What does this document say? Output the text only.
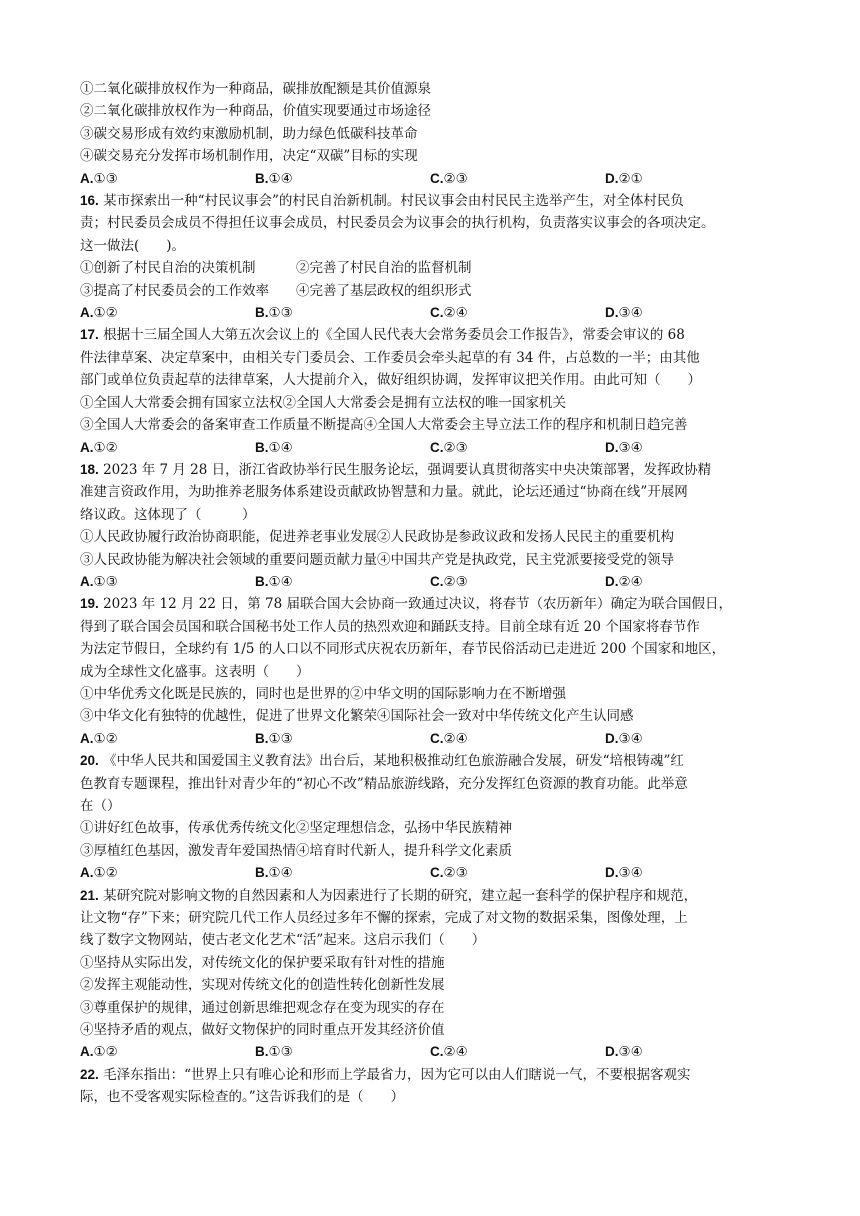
①二氧化碳排放权作为一种商品，碳排放配额是其价值源泉
②二氧化碳排放权作为一种商品，价值实现要通过市场途径
③碳交易形成有效约束激励机制，助力绿色低碳科技革命
④碳交易充分发挥市场机制作用，决定“双碳”目标的实现
A.①③	B.①④	C.②③	D.②①
16. 某市探索出一种“村民议事会”的村民自治新机制。村民议事会由村民民主选举产生，对全体村民负
责；村民委员会成员不得担任议事会成员，村民委员会为议事会的执行机构，负责落实议事会的各项决定。
这一做法(　　)。
①创新了村民自治的决策机制　　　②完善了村民自治的监督机制
③提高了村民委员会的工作效率　　④完善了基层政权的组织形式
A.①②	B.①③	C.②④	D.③④
17. 根据十三届全国人大第五次会议上的《全国人民代表大会常务委员会工作报告》，常委会审议的 68
件法律草案、决定草案中，由相关专门委员会、工作委员会牵头起草的有 34 件，占总数的一半；由其他
部门或单位负责起草的法律草案，人大提前介入，做好组织协调，发挥审议把关作用。由此可知（　　）
①全国人大常委会拥有国家立法权②全国人大常委会是拥有立法权的唯一国家机关
③全国人大常委会的备案审查工作质量不断提高④全国人大常委会主导立法工作的程序和机制日趋完善
A.①②	B.①④	C.②③	D.③④
18. 2023 年 7 月 28 日，浙江省政协举行民生服务论坛，强调要认真贯彻落实中央决策部署，发挥政协精
准建言资政作用，为助推养老服务体系建设贡献政协智慧和力量。就此，论坛还通过“协商在线”开展网
络议政。这体现了（　　　）
①人民政协履行政治协商职能，促进养老事业发展②人民政协是参政议政和发扬人民民主的重要机构
③人民政协能为解决社会领域的重要问题贡献力量④中国共产党是执政党，民主党派要接受党的领导
A.①③	B.①④	C.②③	D.②④
19. 2023 年 12 月 22 日，第 78 届联合国大会协商一致通过决议，将春节（农历新年）确定为联合国假日，
得到了联合国会员国和联合国秘书处工作人员的热烈欢迎和踊跃支持。目前全球有近 20 个国家将春节作
为法定节假日，全球约有 1/5 的人口以不同形式庆祝农历新年，春节民俗活动已走进近 200 个国家和地区，
成为全球性文化盛事。这表明（　　）
①中华优秀文化既是民族的，同时也是世界的②中华文明的国际影响力在不断增强
③中华文化有独特的优越性，促进了世界文化繁荣④国际社会一致对中华传统文化产生认同感
A.①②	B.①③	C.②④	D.③④
20. 《中华人民共和国爱国主义教育法》出台后，某地积极推动红色旅游融合发展，研发“培根铸魂”红
色教育专题课程，推出针对青少年的“初心不改”精品旅游线路，充分发挥红色资源的教育功能。此举意
在（）
①讲好红色故事，传承优秀传统文化②坚定理想信念，弘扬中华民族精神
③厚植红色基因，激发青年爱国热情④培育时代新人，提升科学文化素质
A.①②	B.①④	C.②③	D.③④
21. 某研究院对影响文物的自然因素和人为因素进行了长期的研究，建立起一套科学的保护程序和规范，
让文物“存”下来；研究院几代工作人员经过多年不懈的探索，完成了对文物的数据采集，图像处理，上
线了数字文物网站，使古老文化艺术“活”起来。这启示我们（　　）
①坚持从实际出发，对传统文化的保护要采取有针对性的措施
②发挥主观能动性，实现对传统文化的创造性转化创新性发展
③尊重保护的规律，通过创新思维把观念存在变为现实的存在
④坚持矛盾的观点，做好文物保护的同时重点开发其经济价值
A.①②	B.①③	C.②④	D.③④
22. 毛泽东指出：“世界上只有唯心论和形而上学最省力，因为它可以由人们瞎说一气，不要根据客观实
际，也不受客观实际检查的。”这告诉我们的是（　　）
